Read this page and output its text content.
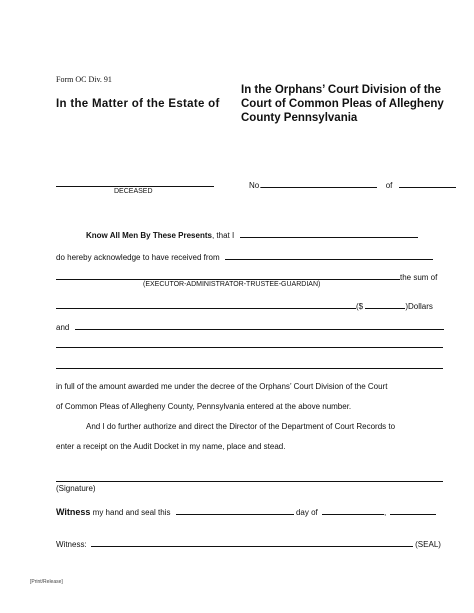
Form OC Div. 91
In the Matter of the Estate of
In the Orphans’ Court Division of the
Court of Common Pleas of Allegheny
County Pennsylvania
DECEASED
No.	of
Know All Men By These Presents, that I
do hereby acknowledge to have received from
the sum of
(EXECUTOR-ADMINISTRATOR-TRUSTEE-GUARDIAN)
($	)Dollars
and
in full of the amount awarded me under the decree of the Orphans’ Court Division of the Court
of Common Pleas of Allegheny County, Pennsylvania entered at the above number.
And I do further authorize and direct the Director of the Department of Court Records to
enter a receipt on the Audit Docket in my name, place and stead.
(Signature)
Witness my hand and seal this	day of	,
Witness:	(SEAL)
[Print/Release]
